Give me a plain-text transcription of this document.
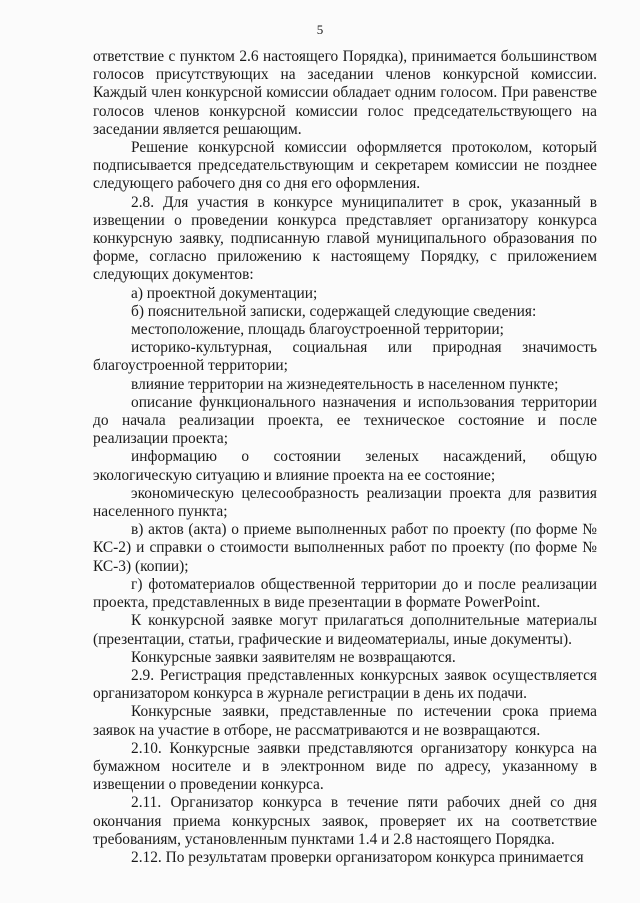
5

ответствие с пунктом 2.6 настоящего Порядка), принимается большинством голосов присутствующих на заседании членов конкурсной комиссии. Каждый член конкурсной комиссии обладает одним голосом. При равенстве голосов членов конкурсной комиссии голос председательствующего на заседании является решающим.

Решение конкурсной комиссии оформляется протоколом, который подписывается председательствующим и секретарем комиссии не позднее следующего рабочего дня со дня его оформления.

2.8. Для участия в конкурсе муниципалитет в срок, указанный в извещении о проведении конкурса представляет организатору конкурса конкурсную заявку, подписанную главой муниципального образования по форме, согласно приложению к настоящему Порядку, с приложением следующих документов:

а) проектной документации;

б) пояснительной записки, содержащей следующие сведения:

местоположение, площадь благоустроенной территории;

историко-культурная, социальная или природная значимость благоустроенной территории;

влияние территории на жизнедеятельность в населенном пункте;

описание функционального назначения и использования территории до начала реализации проекта, ее техническое состояние и после реализации проекта;

информацию о состоянии зеленых насаждений, общую экологическую ситуацию и влияние проекта на ее состояние;

экономическую целесообразность реализации проекта для развития населенного пункта;

в) актов (акта) о приеме выполненных работ по проекту (по форме № КС-2) и справки о стоимости выполненных работ по проекту (по форме № КС-3) (копии);

г) фотоматериалов общественной территории до и после реализации проекта, представленных в виде презентации в формате PowerPoint.

К конкурсной заявке могут прилагаться дополнительные материалы (презентации, статьи, графические и видеоматериалы, иные документы).

Конкурсные заявки заявителям не возвращаются.

2.9. Регистрация представленных конкурсных заявок осуществляется организатором конкурса в журнале регистрации в день их подачи.

Конкурсные заявки, представленные по истечении срока приема заявок на участие в отборе, не рассматриваются и не возвращаются.

2.10. Конкурсные заявки представляются организатору конкурса на бумажном носителе и в электронном виде по адресу, указанному в извещении о проведении конкурса.

2.11. Организатор конкурса в течение пяти рабочих дней со дня окончания приема конкурсных заявок, проверяет их на соответствие требованиям, установленным пунктами 1.4 и 2.8 настоящего Порядка.

2.12. По результатам проверки организатором конкурса принимается
